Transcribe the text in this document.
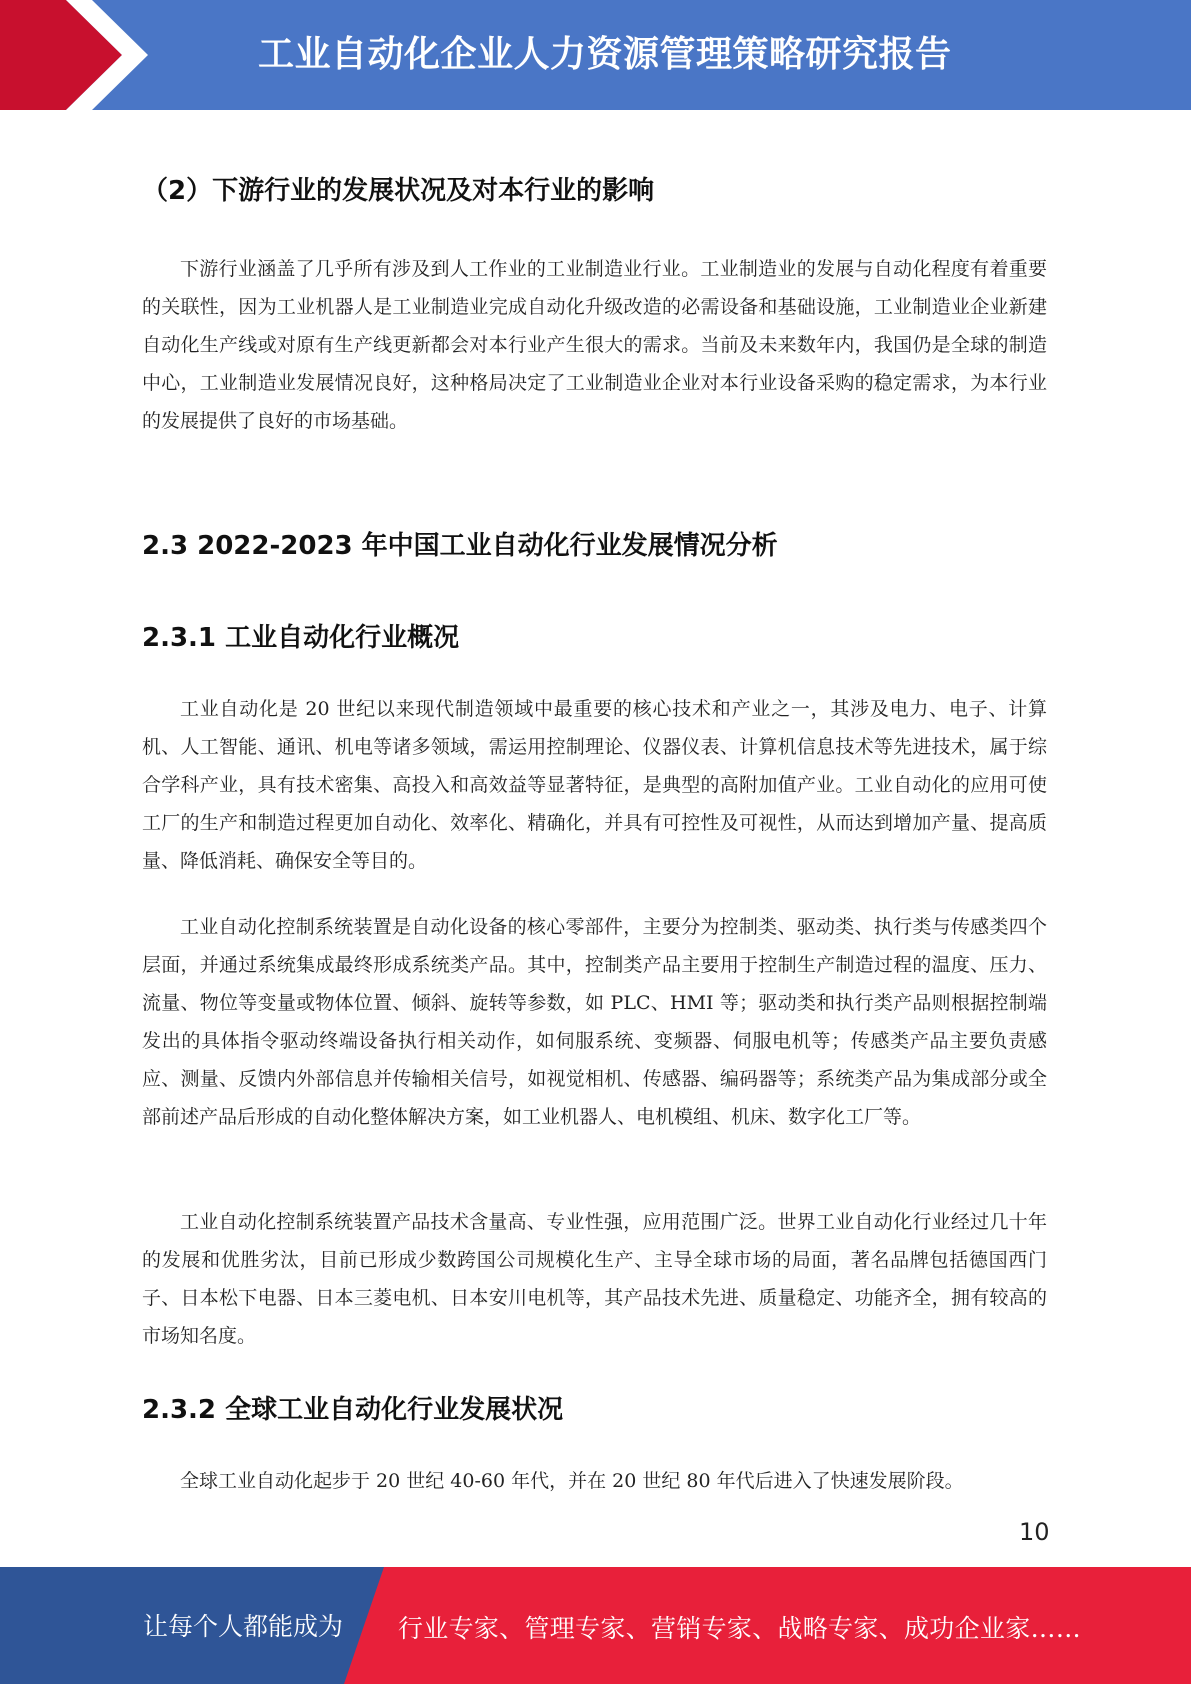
工业自动化企业人力资源管理策略研究报告
（2）下游行业的发展状况及对本行业的影响

下游行业涵盖了几乎所有涉及到人工作业的工业制造业行业。工业制造业的发展与自动化程度有着重要的关联性，因为工业机器人是工业制造业完成自动化升级改造的必需设备和基础设施，工业制造业企业新建自动化生产线或对原有生产线更新都会对本行业产生很大的需求。当前及未来数年内，我国仍是全球的制造中心，工业制造业发展情况良好，这种格局决定了工业制造业企业对本行业设备采购的稳定需求，为本行业的发展提供了良好的市场基础。

2.3 2022-2023 年中国工业自动化行业发展情况分析
2.3.1 工业自动化行业概况

工业自动化是 20 世纪以来现代制造领域中最重要的核心技术和产业之一，其涉及电力、电子、计算机、人工智能、通讯、机电等诸多领域，需运用控制理论、仪器仪表、计算机信息技术等先进技术，属于综合学科产业，具有技术密集、高投入和高效益等显著特征，是典型的高附加值产业。工业自动化的应用可使工厂的生产和制造过程更加自动化、效率化、精确化，并具有可控性及可视性，从而达到增加产量、提高质量、降低消耗、确保安全等目的。

工业自动化控制系统装置是自动化设备的核心零部件，主要分为控制类、驱动类、执行类与传感类四个层面，并通过系统集成最终形成系统类产品。其中，控制类产品主要用于控制生产制造过程的温度、压力、流量、物位等变量或物体位置、倾斜、旋转等参数，如 PLC、HMI 等；驱动类和执行类产品则根据控制端发出的具体指令驱动终端设备执行相关动作，如伺服系统、变频器、伺服电机等；传感类产品主要负责感应、测量、反馈内外部信息并传输相关信号，如视觉相机、传感器、编码器等；系统类产品为集成部分或全部前述产品后形成的自动化整体解决方案，如工业机器人、电机模组、机床、数字化工厂等。

工业自动化控制系统装置产品技术含量高、专业性强，应用范围广泛。世界工业自动化行业经过几十年的发展和优胜劣汰，目前已形成少数跨国公司规模化生产、主导全球市场的局面，著名品牌包括德国西门子、日本松下电器、日本三菱电机、日本安川电机等，其产品技术先进、质量稳定、功能齐全，拥有较高的市场知名度。

2.3.2 全球工业自动化行业发展状况

全球工业自动化起步于 20 世纪 40-60 年代，并在 20 世纪 80 年代后进入了快速发展阶段。

10
让每个人都能成为 行业专家、管理专家、营销专家、战略专家、成功企业家……
